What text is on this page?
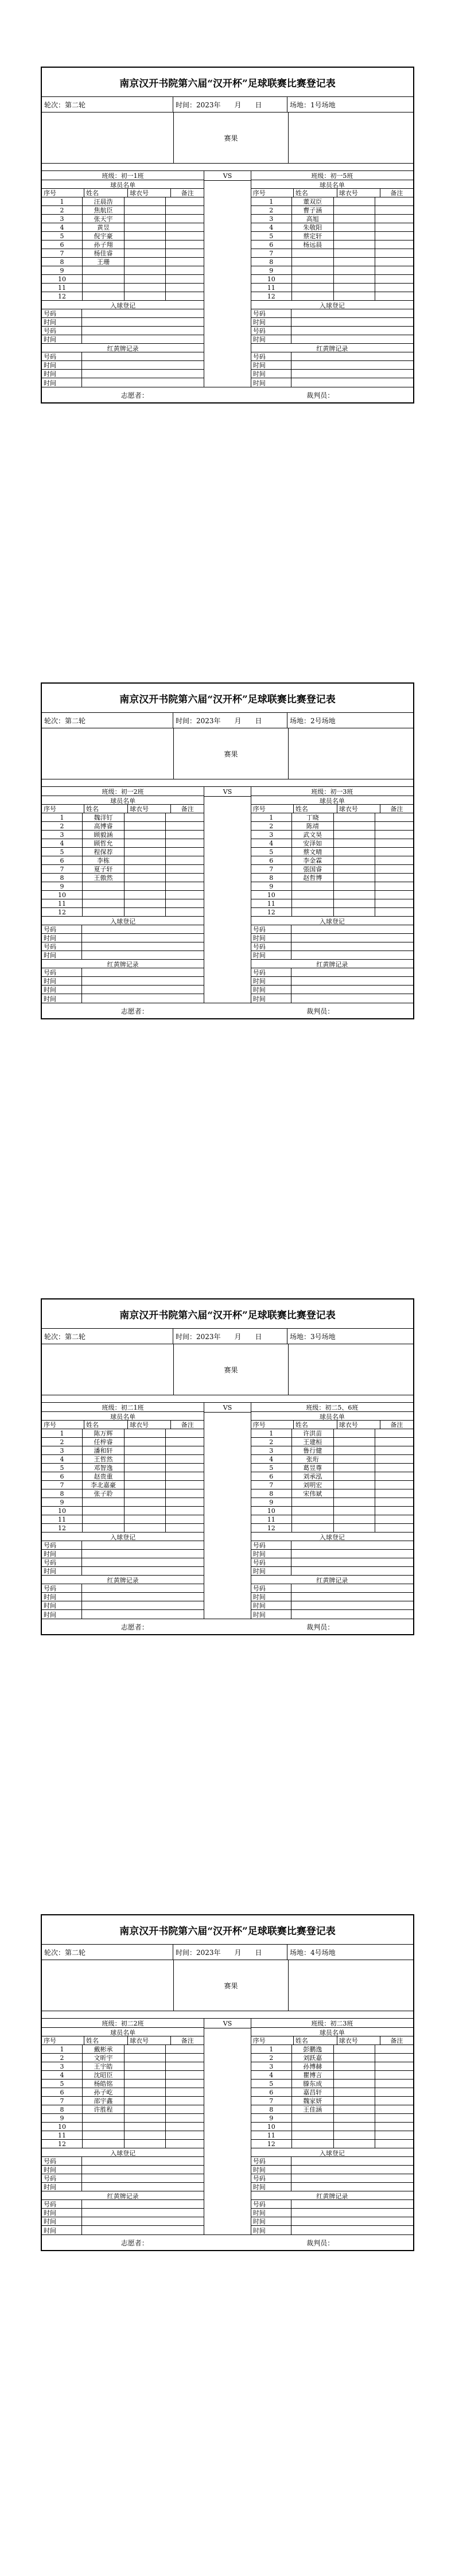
南京汉开书院第六届“汉开杯”足球联赛比赛登记表
轮次：第二轮	时间：2023年　　月　　日	场地：1号场地
赛果
班级：初一1班
球员名单
序号	姓名	球衣号	备注
1	汪晨浩
2	焦航臣
3	张天宇
4	黄昱
5	倪宇豪
6	孙子翔
7	杨佳睿
8	王珊
9
10
11
12
入球登记
号码
时间
号码
时间
红黄牌记录
号码
时间
时间
时间
VS	班级：初一5班
球员名单
序号	姓名	球衣号	备注
1	董双臣
2	曹子涵
3	高旭
4	朱敬阳
5	蔡定轩
6	杨远晨
7
8
9
10
11
12
入球登记
号码
时间
号码
时间
红黄牌记录
号码
时间
时间
时间
志愿者：	裁判员：
南京汉开书院第六届“汉开杯”足球联赛比赛登记表
轮次：第二轮	时间：2023年　　月　　日	场地：2号场地
赛果
班级：初一2班
球员名单
序号	姓名	球衣号	备注
1	魏洋钉
2	高博睿
3	顾毅涵
4	顾哲允
5	程保荐
6	李栋
7	夏子轩
8	王傲然
9
10
11
12
入球登记
号码
时间
号码
时间
红黄牌记录
号码
时间
时间
时间
VS	班级：初一3班
球员名单
序号	姓名	球衣号	备注
1	丁晓
2	陈靖
3	武文昊
4	安泽如
5	蔡文晴
6	李金霖
7	張国睿
8	赵哲博
9
10
11
12
入球登记
号码
时间
号码
时间
红黄牌记录
号码
时间
时间
时间
志愿者：	裁判员：
南京汉开书院第六届“汉开杯”足球联赛比赛登记表
轮次：第二轮	时间：2023年　　月　　日	场地：3号场地
赛果
班级：初二1班
球员名单
序号	姓名	球衣号	备注
1	陈万辉
2	任梓睿
3	潘和轩
4	王哲然
5	邓智逸
6	赵贵重
7	李北嘉豪
8	张子聆
9
10
11
12
入球登记
号码
时间
号码
时间
红黄牌记录
号码
时间
时间
时间
VS	班级：初二5、6班
球员名单
序号	姓名	球衣号	备注
1	许洪苗
2	王建桓
3	鲁行健
4	张珩
5	葛昱尊
6	刘承泓
7	刘明宏
8	宋伟斌
9
10
11
12
入球登记
号码
时间
号码
时间
红黄牌记录
号码
时间
时间
时间
志愿者：	裁判员：
南京汉开书院第六届“汉开杯”足球联赛比赛登记表
轮次：第二轮	时间：2023年　　月　　日	场地：4号场地
赛果
班级：初二2班
球员名单
序号	姓名	球衣号	备注
1	戴彬承
2	文昕宇
3	王宇皓
4	沈昭臣
5	杨皓铭
6	孙子屹
7	邵宇鑫
8	许胜程
9
10
11
12
入球登记
号码
时间
号码
时间
红黄牌记录
号码
时间
时间
时间
VS	班级：初二3班
球员名单
序号	姓名	球衣号	备注
1	彭鹏逸
2	刘跃嘉
3	孙博赫
4	瞿博言
5	滕东成
6	嘉昌轩
7	魏家妍
8	王佳涵
9
10
11
12
入球登记
号码
时间
号码
时间
红黄牌记录
号码
时间
时间
时间
志愿者：	裁判员：
